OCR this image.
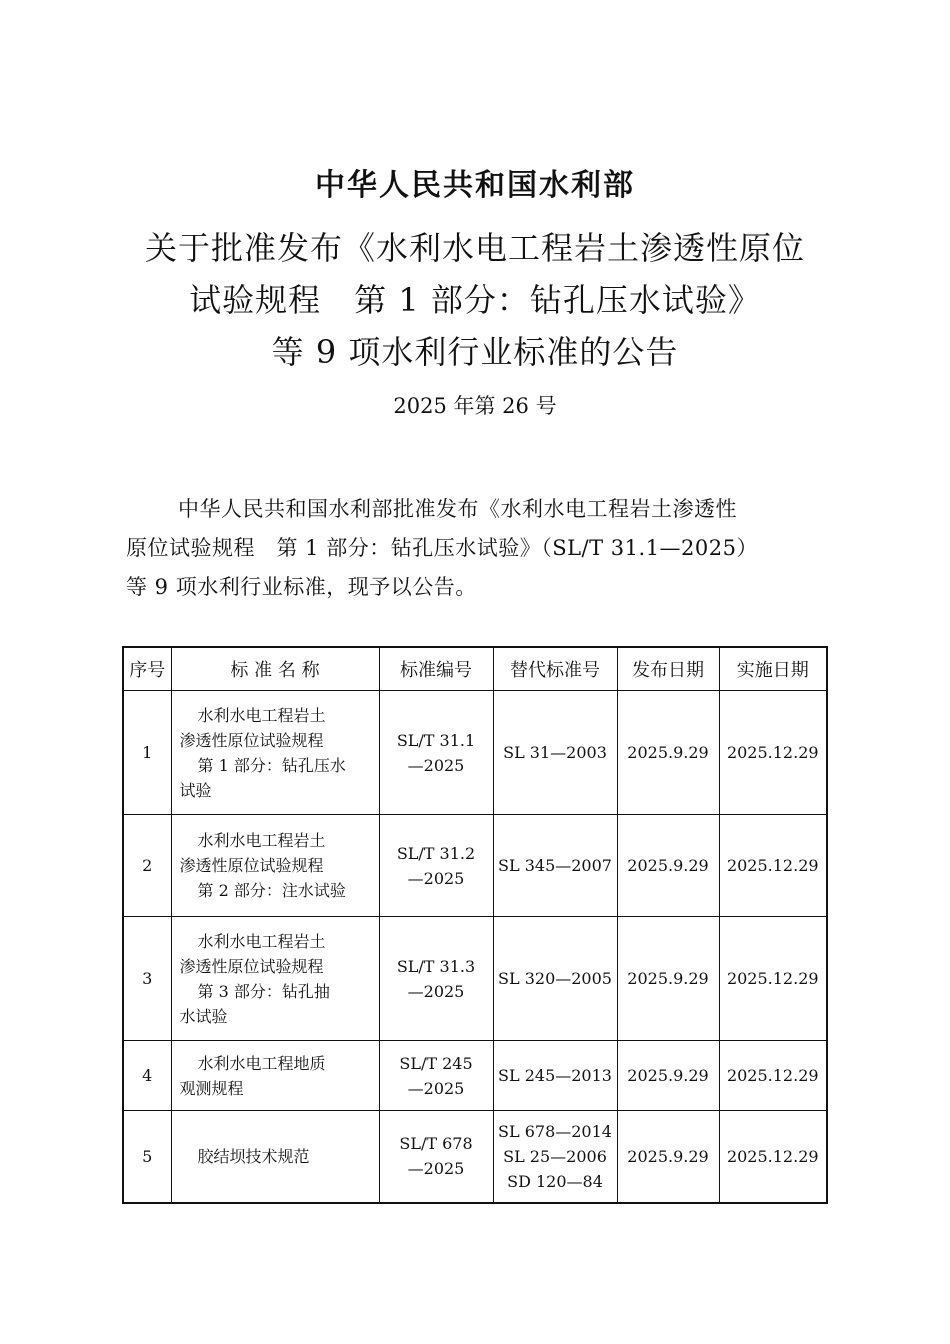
中华人民共和国水利部
关于批准发布《水利水电工程岩土渗透性原位
试验规程　第 1 部分：钻孔压水试验》
等 9 项水利行业标准的公告
2025 年第 26 号
中华人民共和国水利部批准发布《水利水电工程岩土渗透性
原位试验规程　第 1 部分：钻孔压水试验》（SL/T 31.1—2025）
等 9 项水利行业标准，现予以公告。
序号	标 准 名 称	标准编号	替代标准号	发布日期	实施日期
1	水利水电工程岩土
渗透性原位试验规程
第 1 部分：钻孔压水
试验	SL/T 31.1
—2025	SL 31—2003	2025.9.29	2025.12.29
2	水利水电工程岩土
渗透性原位试验规程
第 2 部分：注水试验	SL/T 31.2
—2025	SL 345—2007	2025.9.29	2025.12.29
3	水利水电工程岩土
渗透性原位试验规程
第 3 部分：钻孔抽
水试验	SL/T 31.3
—2025	SL 320—2005	2025.9.29	2025.12.29
4	水利水电工程地质
观测规程	SL/T 245
—2025	SL 245—2013	2025.9.29	2025.12.29
5	胶结坝技术规范	SL/T 678
—2025	SL 678—2014
SL 25—2006
SD 120—84	2025.9.29	2025.12.29
